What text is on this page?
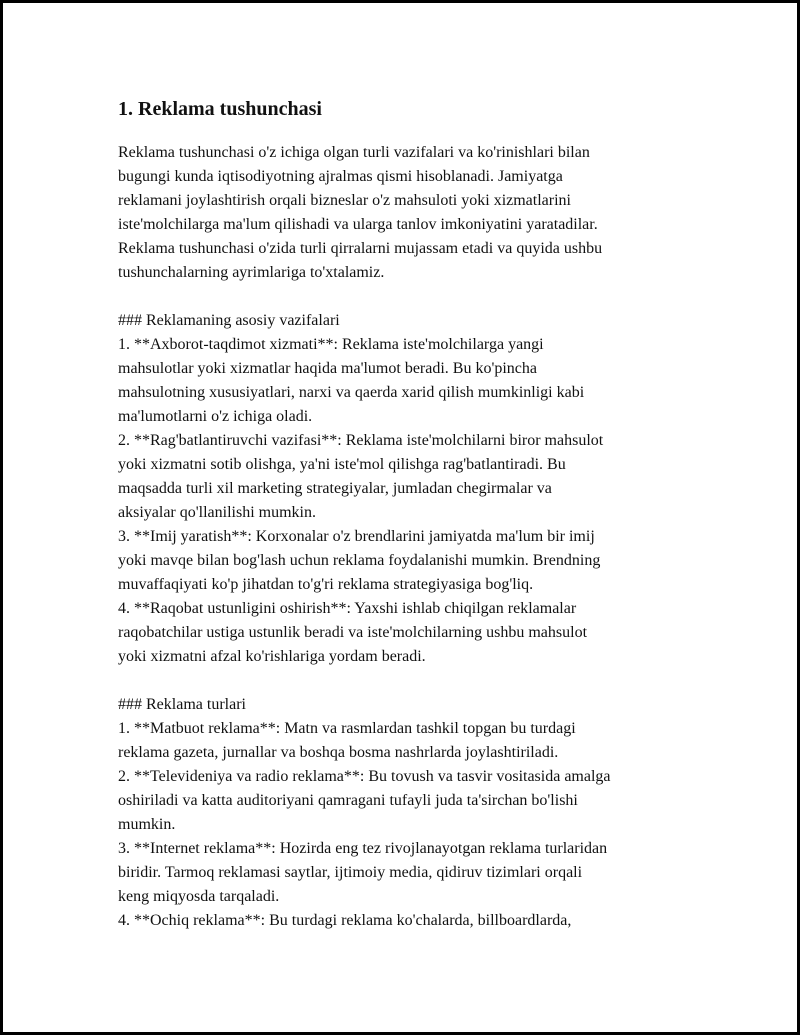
1. Reklama tushunchasi
Reklama tushunchasi o'z ichiga olgan turli vazifalari va ko'rinishlari bilan
bugungi kunda iqtisodiyotning ajralmas qismi hisoblanadi. Jamiyatga
reklamani joylashtirish orqali bizneslar o'z mahsuloti yoki xizmatlarini
iste'molchilarga ma'lum qilishadi va ularga tanlov imkoniyatini yaratadilar.
Reklama tushunchasi o'zida turli qirralarni mujassam etadi va quyida ushbu
tushunchalarning ayrimlariga to'xtalamiz.
### Reklamaning asosiy vazifalari
1. **Axborot-taqdimot xizmati**: Reklama iste'molchilarga yangi
mahsulotlar yoki xizmatlar haqida ma'lumot beradi. Bu ko'pincha
mahsulotning xususiyatlari, narxi va qaerda xarid qilish mumkinligi kabi
ma'lumotlarni o'z ichiga oladi.
2. **Rag'batlantiruvchi vazifasi**: Reklama iste'molchilarni biror mahsulot
yoki xizmatni sotib olishga, ya'ni iste'mol qilishga rag'batlantiradi. Bu
maqsadda turli xil marketing strategiyalar, jumladan chegirmalar va
aksiyalar qo'llanilishi mumkin.
3. **Imij yaratish**: Korxonalar o'z brendlarini jamiyatda ma'lum bir imij
yoki mavqe bilan bog'lash uchun reklama foydalanishi mumkin. Brendning
muvaffaqiyati ko'p jihatdan to'g'ri reklama strategiyasiga bog'liq.
4. **Raqobat ustunligini oshirish**: Yaxshi ishlab chiqilgan reklamalar
raqobatchilar ustiga ustunlik beradi va iste'molchilarning ushbu mahsulot
yoki xizmatni afzal ko'rishlariga yordam beradi.
### Reklama turlari
1. **Matbuot reklama**: Matn va rasmlardan tashkil topgan bu turdagi
reklama gazeta, jurnallar va boshqa bosma nashrlarda joylashtiriladi.
2. **Televideniya va radio reklama**: Bu tovush va tasvir vositasida amalga
oshiriladi va katta auditoriyani qamragani tufayli juda ta'sirchan bo'lishi
mumkin.
3. **Internet reklama**: Hozirda eng tez rivojlanayotgan reklama turlaridan
biridir. Tarmoq reklamasi saytlar, ijtimoiy media, qidiruv tizimlari orqali
keng miqyosda tarqaladi.
4. **Ochiq reklama**: Bu turdagi reklama ko'chalarda, billboardlarda,
